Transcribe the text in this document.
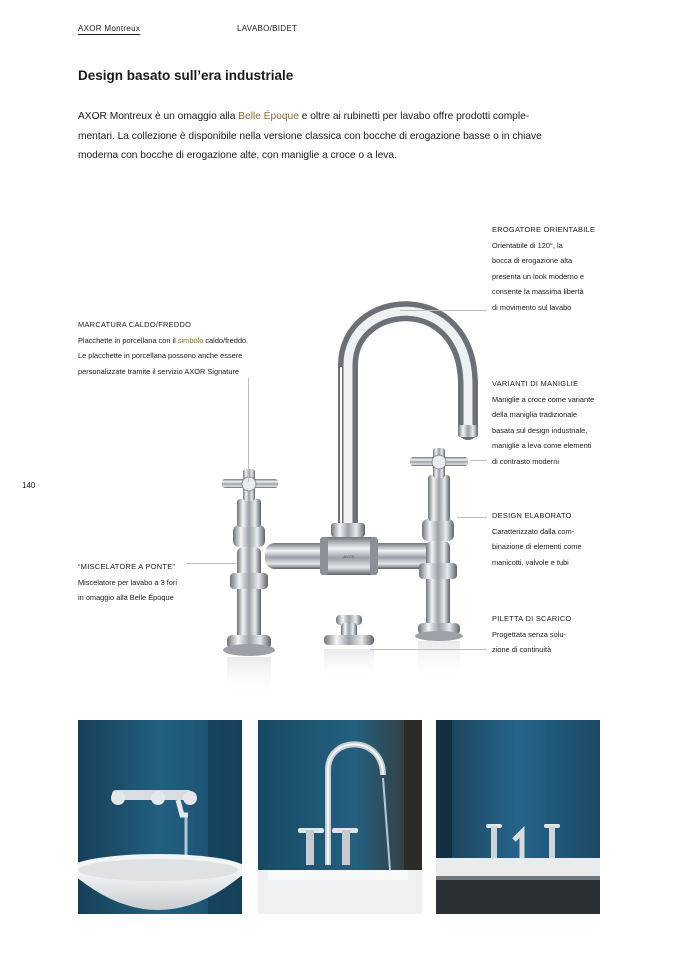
AXOR Montreux	LAVABO/BIDET
Design basato sull’era industriale
AXOR Montreux è un omaggio alla Belle Époque e oltre ai rubinetti per lavabo offre prodotti comple-
mentari. La collezione è disponibile nella versione classica con bocche di erogazione basse o in chiave
moderna con bocche di erogazione alte, con maniglie a croce o a leva.
140
AXOR
EROGATORE ORIENTABILE
Orientabile di 120°, la
bocca di erogazione alta
presenta un look moderno e
consente la massima libertà
di movimento sul lavabo
MARCATURA CALDO/FREDDO
Placchette in porcellana con il simbolo caldo/freddo.
Le placchette in porcellana possono anche essere
personalizzate tramite il servizio AXOR Signature
VARIANTI DI MANIGLIE
Maniglie a croce come variante
della maniglia tradizionale
basata sul design industriale,
maniglie a leva come elementi
di contrasto moderni
DESIGN ELABORATO
Caratterizzato dalla com-
binazione di elementi come
manicotti, valvole e tubi
“MISCELATORE A PONTE”
Miscelatore per lavabo a 3 fori
in omaggio alla Belle Époque
PILETTA DI SCARICO
Progettata senza solu-
zione di continuità
